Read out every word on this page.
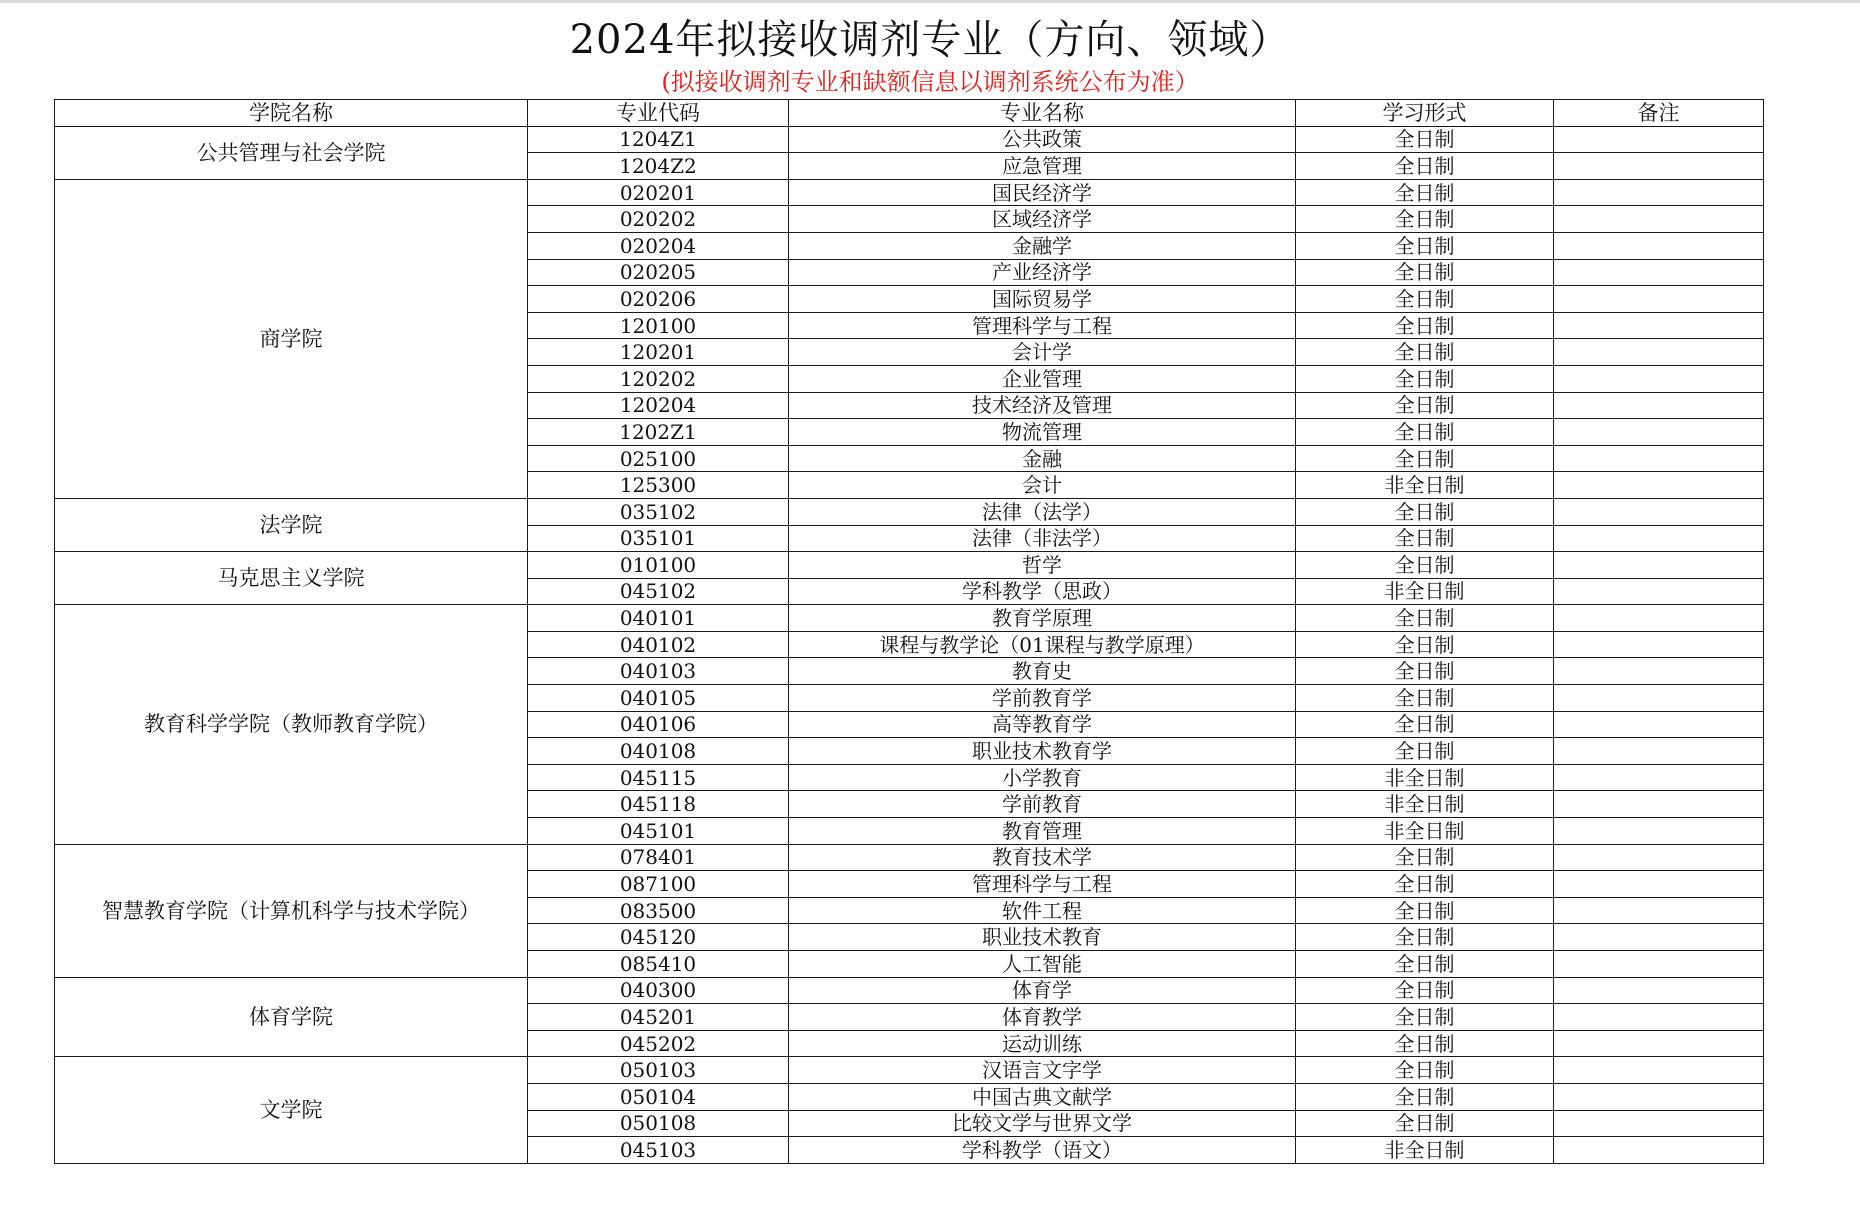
2024年拟接收调剂专业（方向、领域）
(拟接收调剂专业和缺额信息以调剂系统公布为准）
学院名称	专业代码	专业名称	学习形式	备注
公共管理与社会学院	1204Z1	公共政策	全日制	
	1204Z2	应急管理	全日制	
商学院	020201	国民经济学	全日制	
	020202	区域经济学	全日制	
	020204	金融学	全日制	
	020205	产业经济学	全日制	
	020206	国际贸易学	全日制	
	120100	管理科学与工程	全日制	
	120201	会计学	全日制	
	120202	企业管理	全日制	
	120204	技术经济及管理	全日制	
	1202Z1	物流管理	全日制	
	025100	金融	全日制	
	125300	会计	非全日制	
法学院	035102	法律（法学）	全日制	
	035101	法律（非法学）	全日制	
马克思主义学院	010100	哲学	全日制	
	045102	学科教学（思政）	非全日制	
教育科学学院（教师教育学院）	040101	教育学原理	全日制	
	040102	课程与教学论（01课程与教学原理）	全日制	
	040103	教育史	全日制	
	040105	学前教育学	全日制	
	040106	高等教育学	全日制	
	040108	职业技术教育学	全日制	
	045115	小学教育	非全日制	
	045118	学前教育	非全日制	
	045101	教育管理	非全日制	
智慧教育学院（计算机科学与技术学院）	078401	教育技术学	全日制	
	087100	管理科学与工程	全日制	
	083500	软件工程	全日制	
	045120	职业技术教育	全日制	
	085410	人工智能	全日制	
体育学院	040300	体育学	全日制	
	045201	体育教学	全日制	
	045202	运动训练	全日制	
文学院	050103	汉语言文字学	全日制	
	050104	中国古典文献学	全日制	
	050108	比较文学与世界文学	全日制	
	045103	学科教学（语文）	非全日制	
